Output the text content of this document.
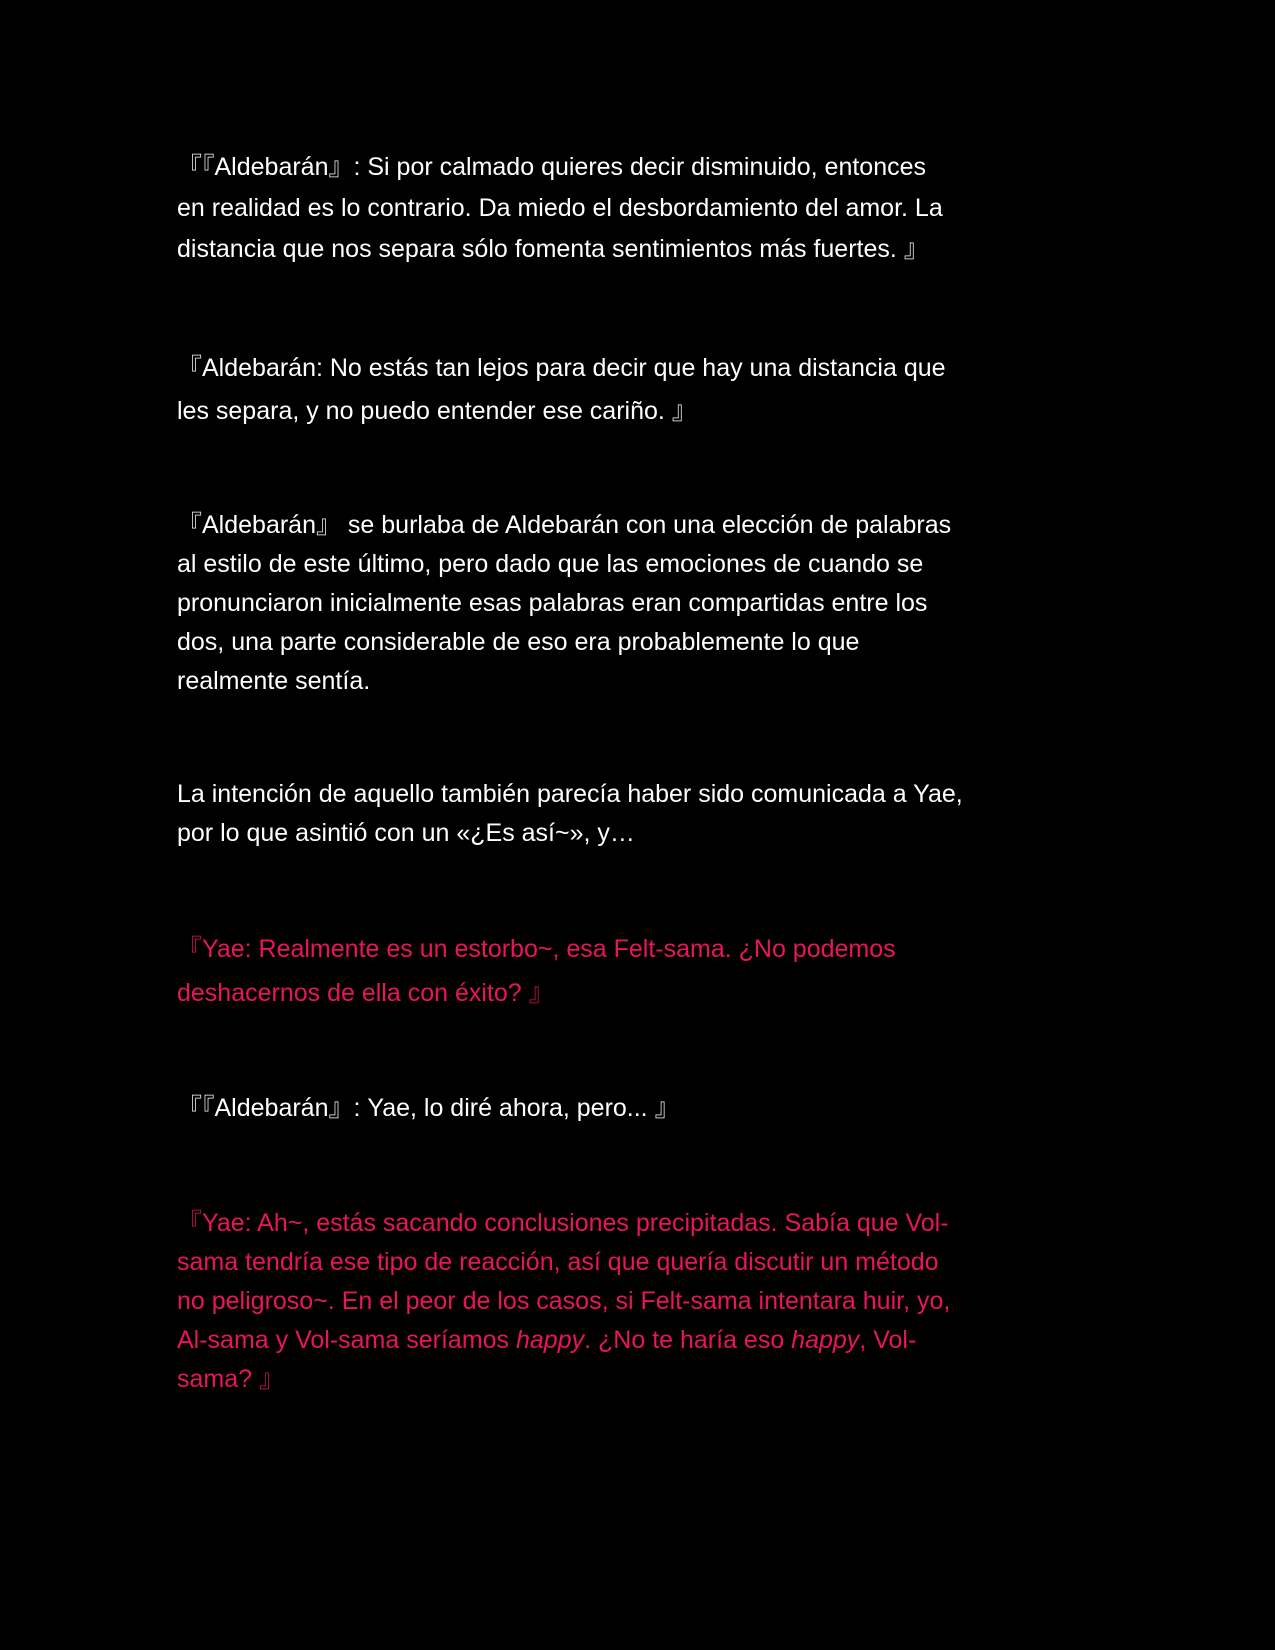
『『Aldebarán』: Si por calmado quieres decir disminuido, entonces
en realidad es lo contrario. Da miedo el desbordamiento del amor. La
distancia que nos separa sólo fomenta sentimientos más fuertes. 』

『Aldebarán: No estás tan lejos para decir que hay una distancia que
les separa, y no puedo entender ese cariño. 』

『Aldebarán』 se burlaba de Aldebarán con una elección de palabras
al estilo de este último, pero dado que las emociones de cuando se
pronunciaron inicialmente esas palabras eran compartidas entre los
dos, una parte considerable de eso era probablemente lo que
realmente sentía.

La intención de aquello también parecía haber sido comunicada a Yae,
por lo que asintió con un «¿Es así~», y…

『Yae: Realmente es un estorbo~, esa Felt-sama. ¿No podemos
deshacernos de ella con éxito? 』

『『Aldebarán』: Yae, lo diré ahora, pero... 』

『Yae: Ah~, estás sacando conclusiones precipitadas. Sabía que Vol-
sama tendría ese tipo de reacción, así que quería discutir un método
no peligroso~. En el peor de los casos, si Felt-sama intentara huir, yo,
Al-sama y Vol-sama seríamos happy. ¿No te haría eso happy, Vol-
sama? 』
